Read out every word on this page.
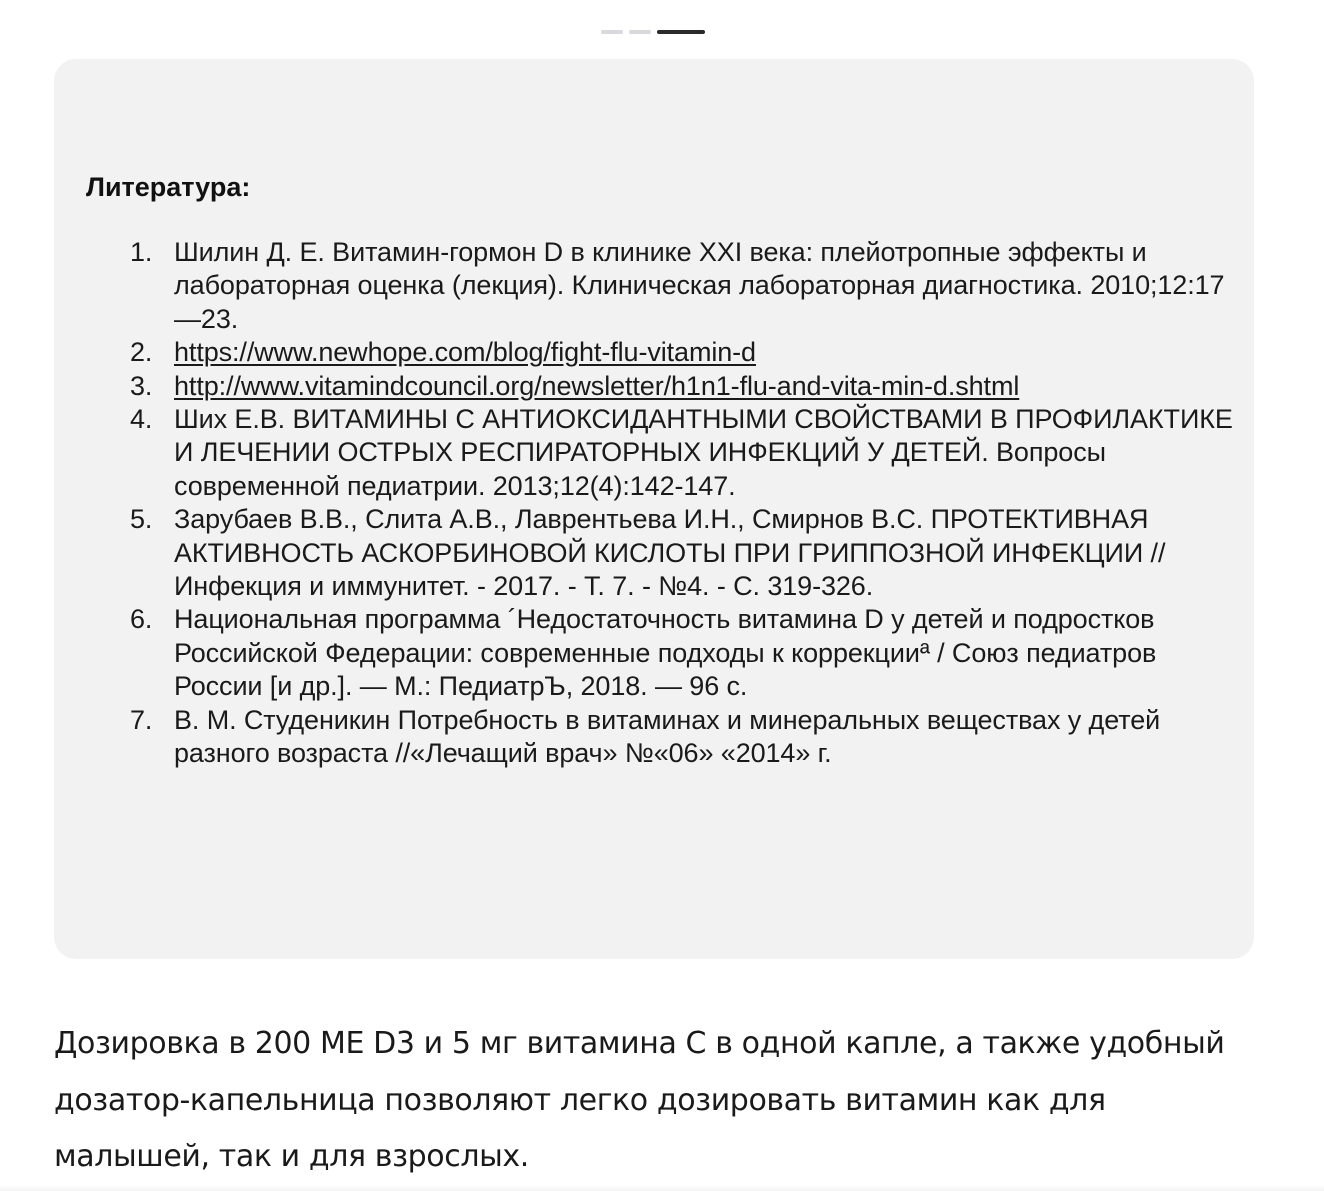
Литература:
1. Шилин Д. Е. Витамин-гормон D в клинике XXI века: плейотропные эффекты и лабораторная оценка (лекция). Клиническая лабораторная диагностика. 2010;12:17—23.
2. https://www.newhope.com/blog/fight-flu-vitamin-d
3. http://www.vitamindcouncil.org/newsletter/h1n1-flu-and-vita-min-d.shtml
4. Ших Е.В. ВИТАМИНЫ С АНТИОКСИДАНТНЫМИ СВОЙСТВАМИ В ПРОФИЛАКТИКЕ И ЛЕЧЕНИИ ОСТРЫХ РЕСПИРАТОРНЫХ ИНФЕКЦИЙ У ДЕТЕЙ. Вопросы современной педиатрии. 2013;12(4):142-147.
5. Зарубаев В.В., Слита А.В., Лаврентьева И.Н., Смирнов В.С. ПРОТЕКТИВНАЯ АКТИВНОСТЬ АСКОРБИНОВОЙ КИСЛОТЫ ПРИ ГРИППОЗНОЙ ИНФЕКЦИИ // Инфекция и иммунитет. - 2017. - Т. 7. - №4. - С. 319-326.
6. Национальная программа ´Недостаточность витамина D у детей и подростков Российской Федерации: современные подходы к коррекцииª / Союз педиатров России [и др.]. — М.: ПедиатрЪ, 2018. — 96 с.
7. В. М. Студеникин Потребность в витаминах и минеральных веществах у детей разного возраста //«Лечащий врач» №«06» «2014» г.

Дозировка в 200 МЕ D3 и 5 мг витамина С в одной капле, а также удобный дозатор-капельница позволяют легко дозировать витамин как для малышей, так и для взрослых.
